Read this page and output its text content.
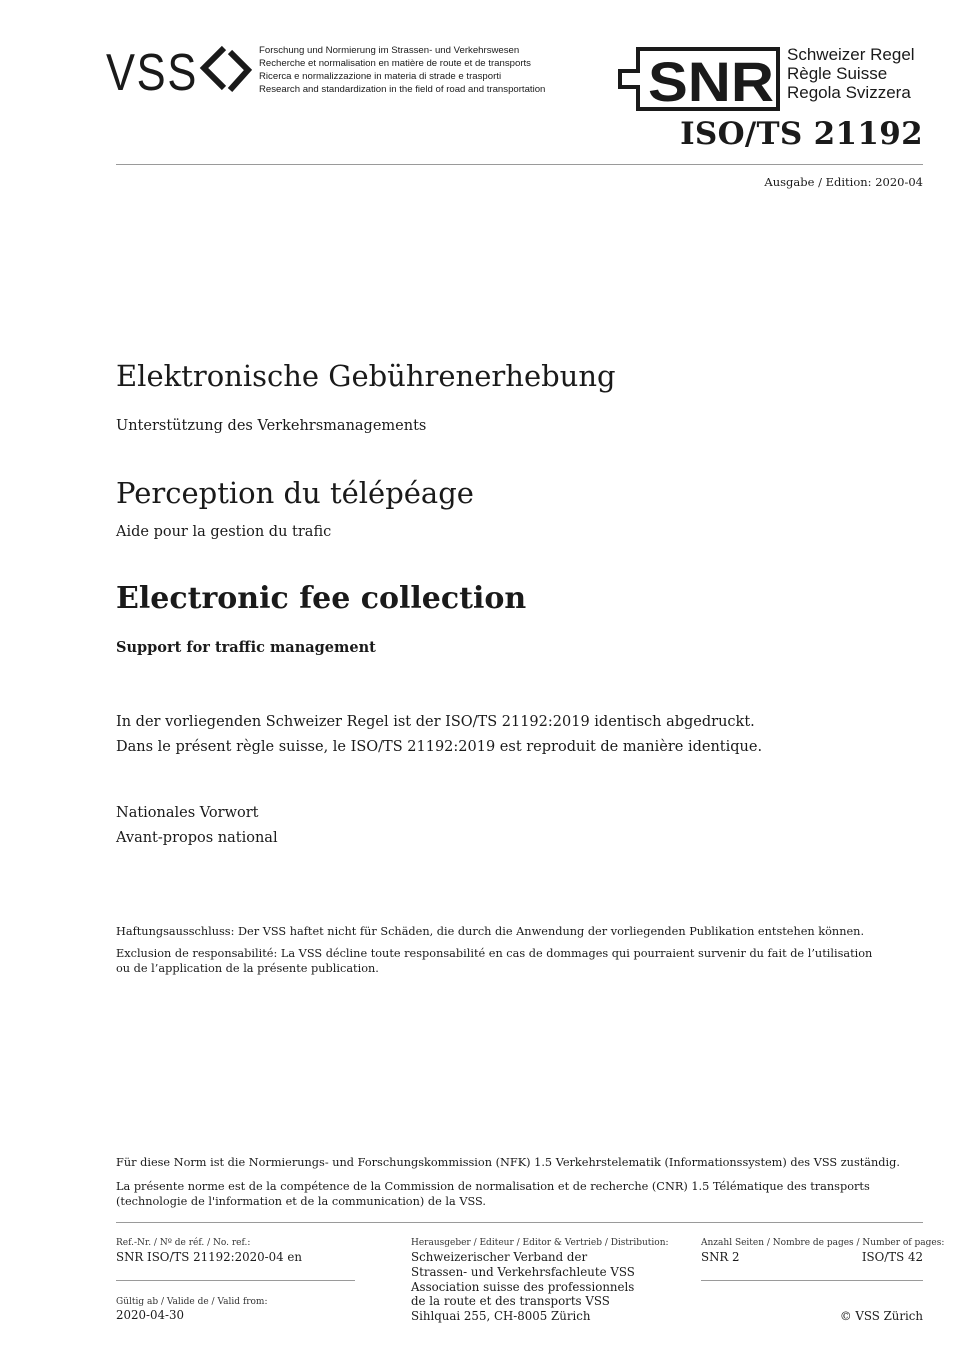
VSS	Forschung und Normierung im Strassen- und Verkehrswesen
Recherche et normalisation en matière de route et de transports
Ricerca e normalizzazione in materia di strade e trasporti
Research and standardization in the field of road and transportation SNR Schweizer Regel
Règle Suisse
Regola Svizzera
ISO/TS 21192
Ausgabe / Edition: 2020-04
Elektronische Gebührenerhebung
Unterstützung des Verkehrsmanagements
Perception du télépéage
Aide pour la gestion du trafic
Electronic fee collection
Support for traffic management
In der vorliegenden Schweizer Regel ist der ISO/TS 21192:2019 identisch abgedruckt.
Dans le présent règle suisse, le ISO/TS 21192:2019 est reproduit de manière identique.
Nationales Vorwort
Avant-propos national
Haftungsausschluss: Der VSS haftet nicht für Schäden, die durch die Anwendung der vorliegenden Publikation entstehen können.
Exclusion de responsabilité: La VSS décline toute responsabilité en cas de dommages qui pourraient survenir du fait de l’utilisation ou de l’application de la présente publication.
Für diese Norm ist die Normierungs- und Forschungskommission (NFK) 1.5 Verkehrstelematik (Informationssystem) des VSS zuständig.
La présente norme est de la compétence de la Commission de normalisation et de recherche (CNR) 1.5 Télématique des transports (technologie de l'information et de la communication) de la VSS.
Ref.-Nr. / Nº de réf. / No. ref.:
SNR ISO/TS 21192:2020-04 en
Gültig ab / Valide de / Valid from:
2020-04-30
Herausgeber / Editeur / Editor & Vertrieb / Distribution:
Schweizerischer Verband der
Strassen- und Verkehrsfachleute VSS
Association suisse des professionnels
de la route et des transports VSS
Sihlquai 255, CH-8005 Zürich
Anzahl Seiten / Nombre de pages / Number of pages:
SNR 2	ISO/TS 42
© VSS Zürich
